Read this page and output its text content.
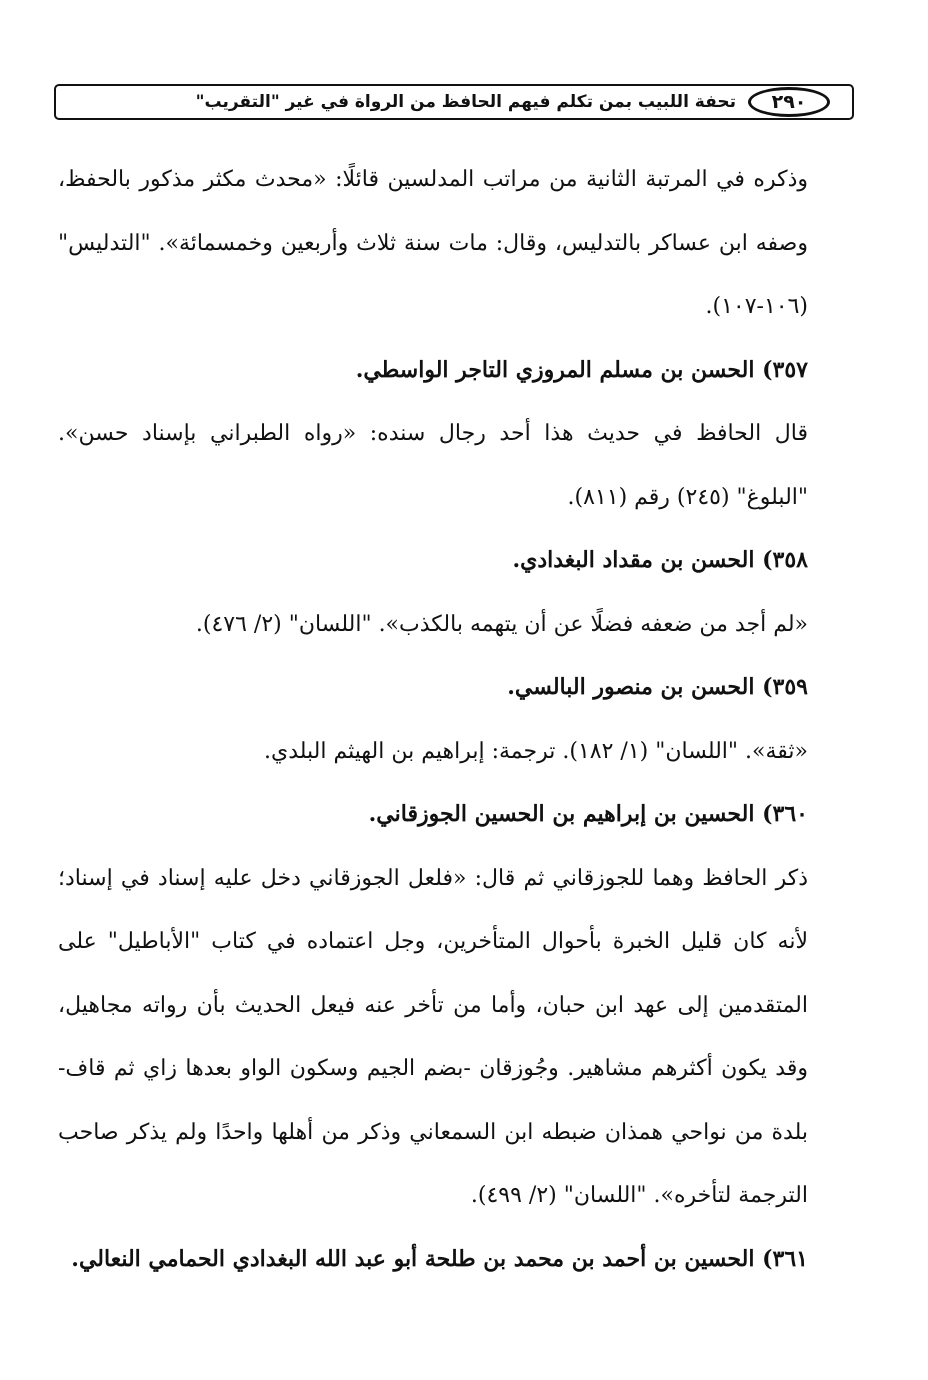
٢٩٠
تحفة اللبيب بمن تكلم فيهم الحافظ من الرواة في غير "التقريب"

وذكره في المرتبة الثانية من مراتب المدلسين قائلًا: «محدث مكثر مذكور بالحفظ، وصفه ابن عساكر بالتدليس، وقال: مات سنة ثلاث وأربعين وخمسمائة». "التدليس" (١٠٦-١٠٧).

٣٥٧) الحسن بن مسلم المروزي التاجر الواسطي.

قال الحافظ في حديث هذا أحد رجال سنده: «رواه الطبراني بإسناد حسن». "البلوغ" (٢٤٥) رقم (٨١١).

٣٥٨) الحسن بن مقداد البغدادي.

«لم أجد من ضعفه فضلًا عن أن يتهمه بالكذب». "اللسان" (٢/ ٤٧٦).

٣٥٩) الحسن بن منصور البالسي.

«ثقة». "اللسان" (١/ ١٨٢). ترجمة: إبراهيم بن الهيثم البلدي.

٣٦٠) الحسين بن إبراهيم بن الحسين الجوزقاني.

ذكر الحافظ وهما للجوزقاني ثم قال: «فلعل الجوزقاني دخل عليه إسناد في إسناد؛ لأنه كان قليل الخبرة بأحوال المتأخرين، وجل اعتماده في كتاب "الأباطيل" على المتقدمين إلى عهد ابن حبان، وأما من تأخر عنه فيعل الحديث بأن رواته مجاهيل، وقد يكون أكثرهم مشاهير. وجُوزقان -بضم الجيم وسكون الواو بعدها زاي ثم قاف- بلدة من نواحي همذان ضبطه ابن السمعاني وذكر من أهلها واحدًا ولم يذكر صاحب الترجمة لتأخره». "اللسان" (٢/ ٤٩٩).

٣٦١) الحسين بن أحمد بن محمد بن طلحة أبو عبد الله البغدادي الحمامي النعالي.
